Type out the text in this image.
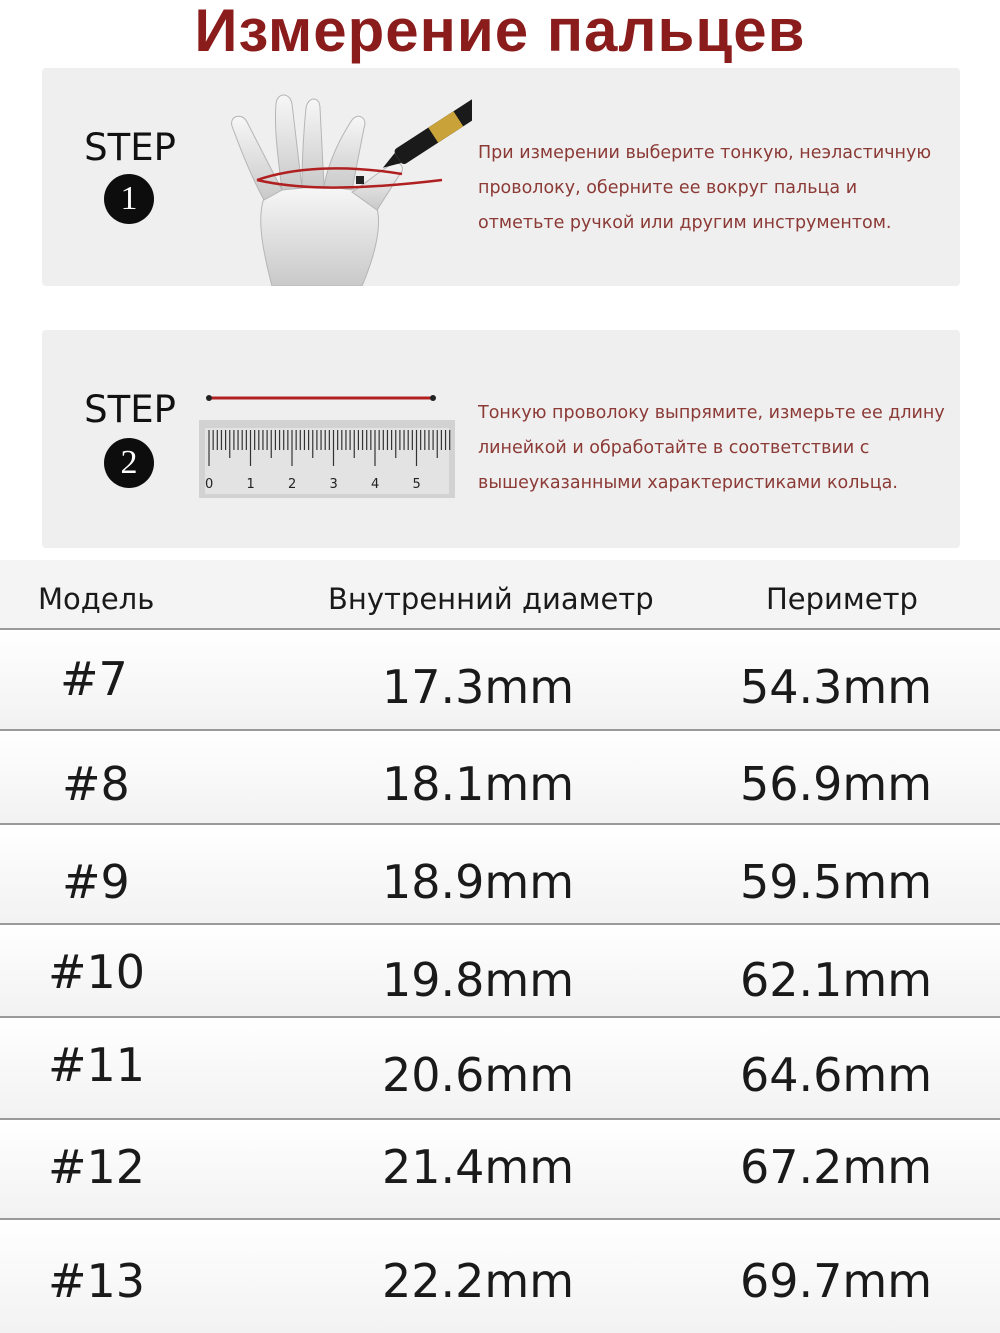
Измерение пальцев
STEP
1
При измерении выберите тонкую, неэластичную проволоку, оберните ее вокруг пальца и отметьте ручкой или другим инструментом.
STEP
2
0	1	2	3	4	5
Тонкую проволоку выпрямите, измерьте ее длину линейкой и обработайте в соответствии с вышеуказанными характеристиками кольца.
Модель	Внутренний диаметр	Периметр
#7	17.3mm	54.3mm
#8	18.1mm	56.9mm
#9	18.9mm	59.5mm
#10	19.8mm	62.1mm
#11	20.6mm	64.6mm
#12	21.4mm	67.2mm
#13	22.2mm	69.7mm
